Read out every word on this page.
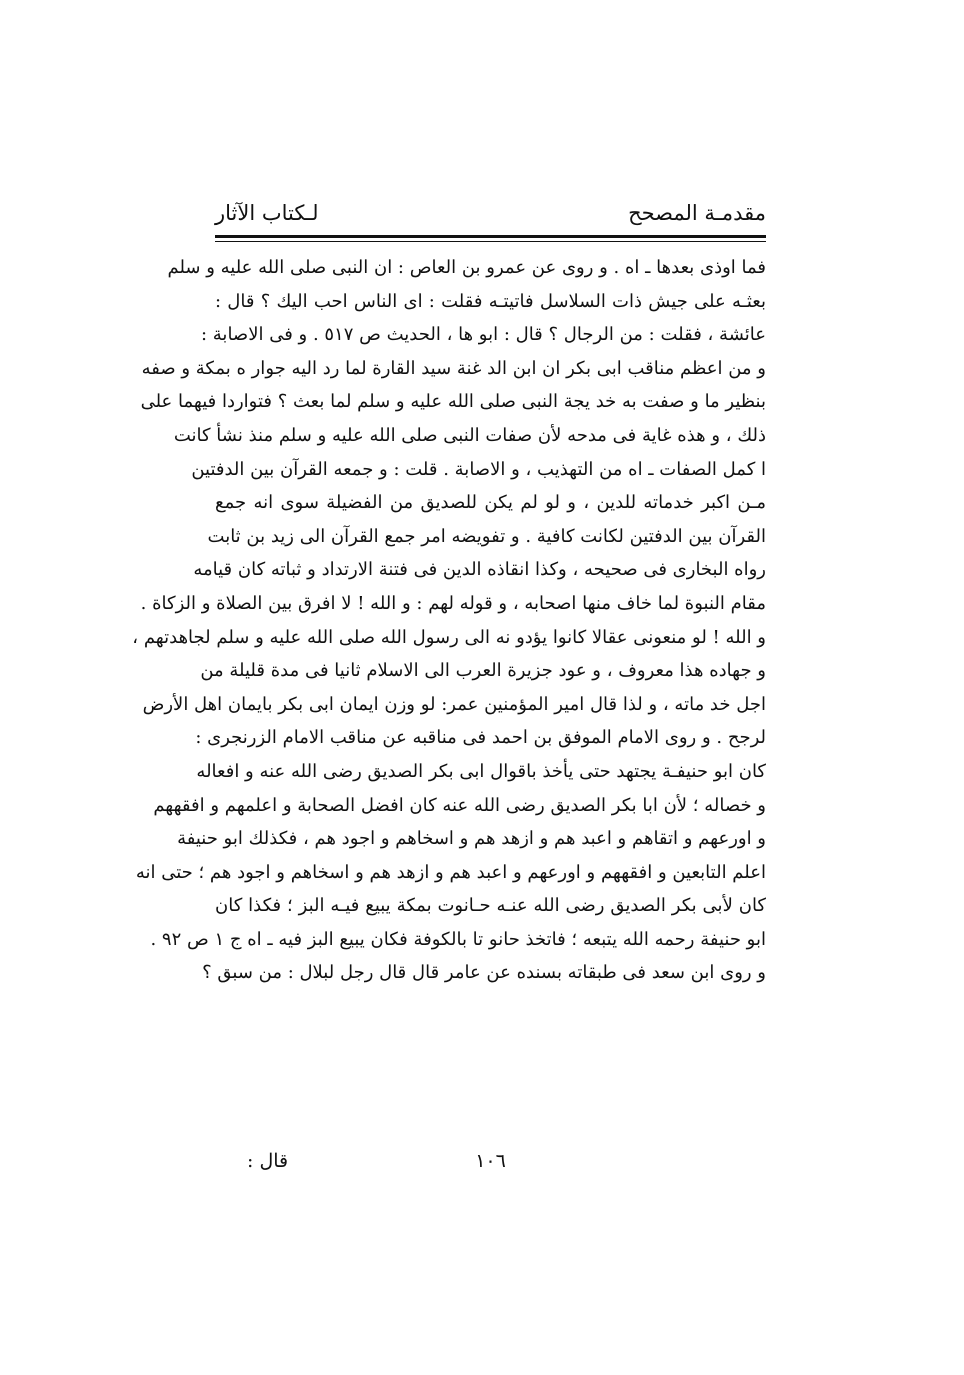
مقدمـة المصحح
لـكتاب الآثار
فما اوذى بعدها ـ اه . و روى عن عمرو بن العاص : ان النبى صلى الله عليه و سلم
بعثـه على جيش ذات السلاسل فاتيتـه فقلت : اى الناس احب اليك ؟ قال :
عائشة ، فقلت : من الرجال ؟ قال : ابو ها ، الحديث ص ٥١٧ . و فى الاصابة :
و من اعظم مناقب ابى بكر ان ابن الد غنة سيد القارة لما رد اليه جوار ه بمكة و صفه
بنظير ما و صفت به خد يجة النبى صلى الله عليه و سلم لما بعث ؟ فتواردا فيهما على
ذلك ، و هذه غاية فى مدحه لأن صفات النبى صلى الله عليه و سلم منذ نشأ كانت
ا كمل الصفات ـ اه من التهذيب ، و الاصابة . قلت : و جمعه القرآن بين الدفتين
مـن اكبر خدماته للدين ، و لو لم يكن للصديق من الفضيلة سوى انه جمع
القرآن بين الدفتين لكانت كافية . و تفويضه امر جمع القرآن الى زيد بن ثابت
رواه البخارى فى صحيحه ، وكذا انقاذه الدين فى فتنة الارتداد و ثباته كان قيامه
مقام النبوة لما خاف منها اصحابه ، و قوله لهم : و الله ! لا افرق بين الصلاة و الزكاة .
و الله ! لو منعونى عقالا كانوا يؤدو نه الى رسول الله صلى الله عليه و سلم لجاهدتهم ،
و جهاده هذا معروف ، و عود جزيرة العرب الى الاسلام ثانيا فى مدة قليلة من
اجل خد ماته ، و لذا قال امير المؤمنين عمر: لو وزن ايمان ابى بكر بايمان اهل الأرض
لرجح . و روى الامام الموفق بن احمد فى مناقبه عن مناقب الامام الزرنجرى :
كان ابو حنيفـة يجتهد حتى يأخذ باقوال ابى بكر الصديق رضى الله عنه و افعاله
و خصاله ؛ لأن ابا بكر الصديق رضى الله عنه كان افضل الصحابة و اعلمهم و افقههم
و اورعهم و اتقاهم و اعبد هم و ازهد هم و اسخاهم و اجود هم ، فكذلك ابو حنيفة
اعلم التابعين و افقههم و اورعهم و اعبد هم و ازهد هم و اسخاهم و اجود هم ؛ حتى انه
كان لأبى بكر الصديق رضى الله عنـه حـانوت بمكة يبيع فيـه البز ؛ فكذا كان
ابو حنيفة رحمه الله يتبعه ؛ فاتخذ حانو تا بالكوفة فكان يبيع البز فيه ـ اه ج ١ ص ٩٢ .
و روى ابن سعد فى طبقاته بسنده عن عامر قال قال رجل لبلال : من سبق ؟
١٠٦
قال :
